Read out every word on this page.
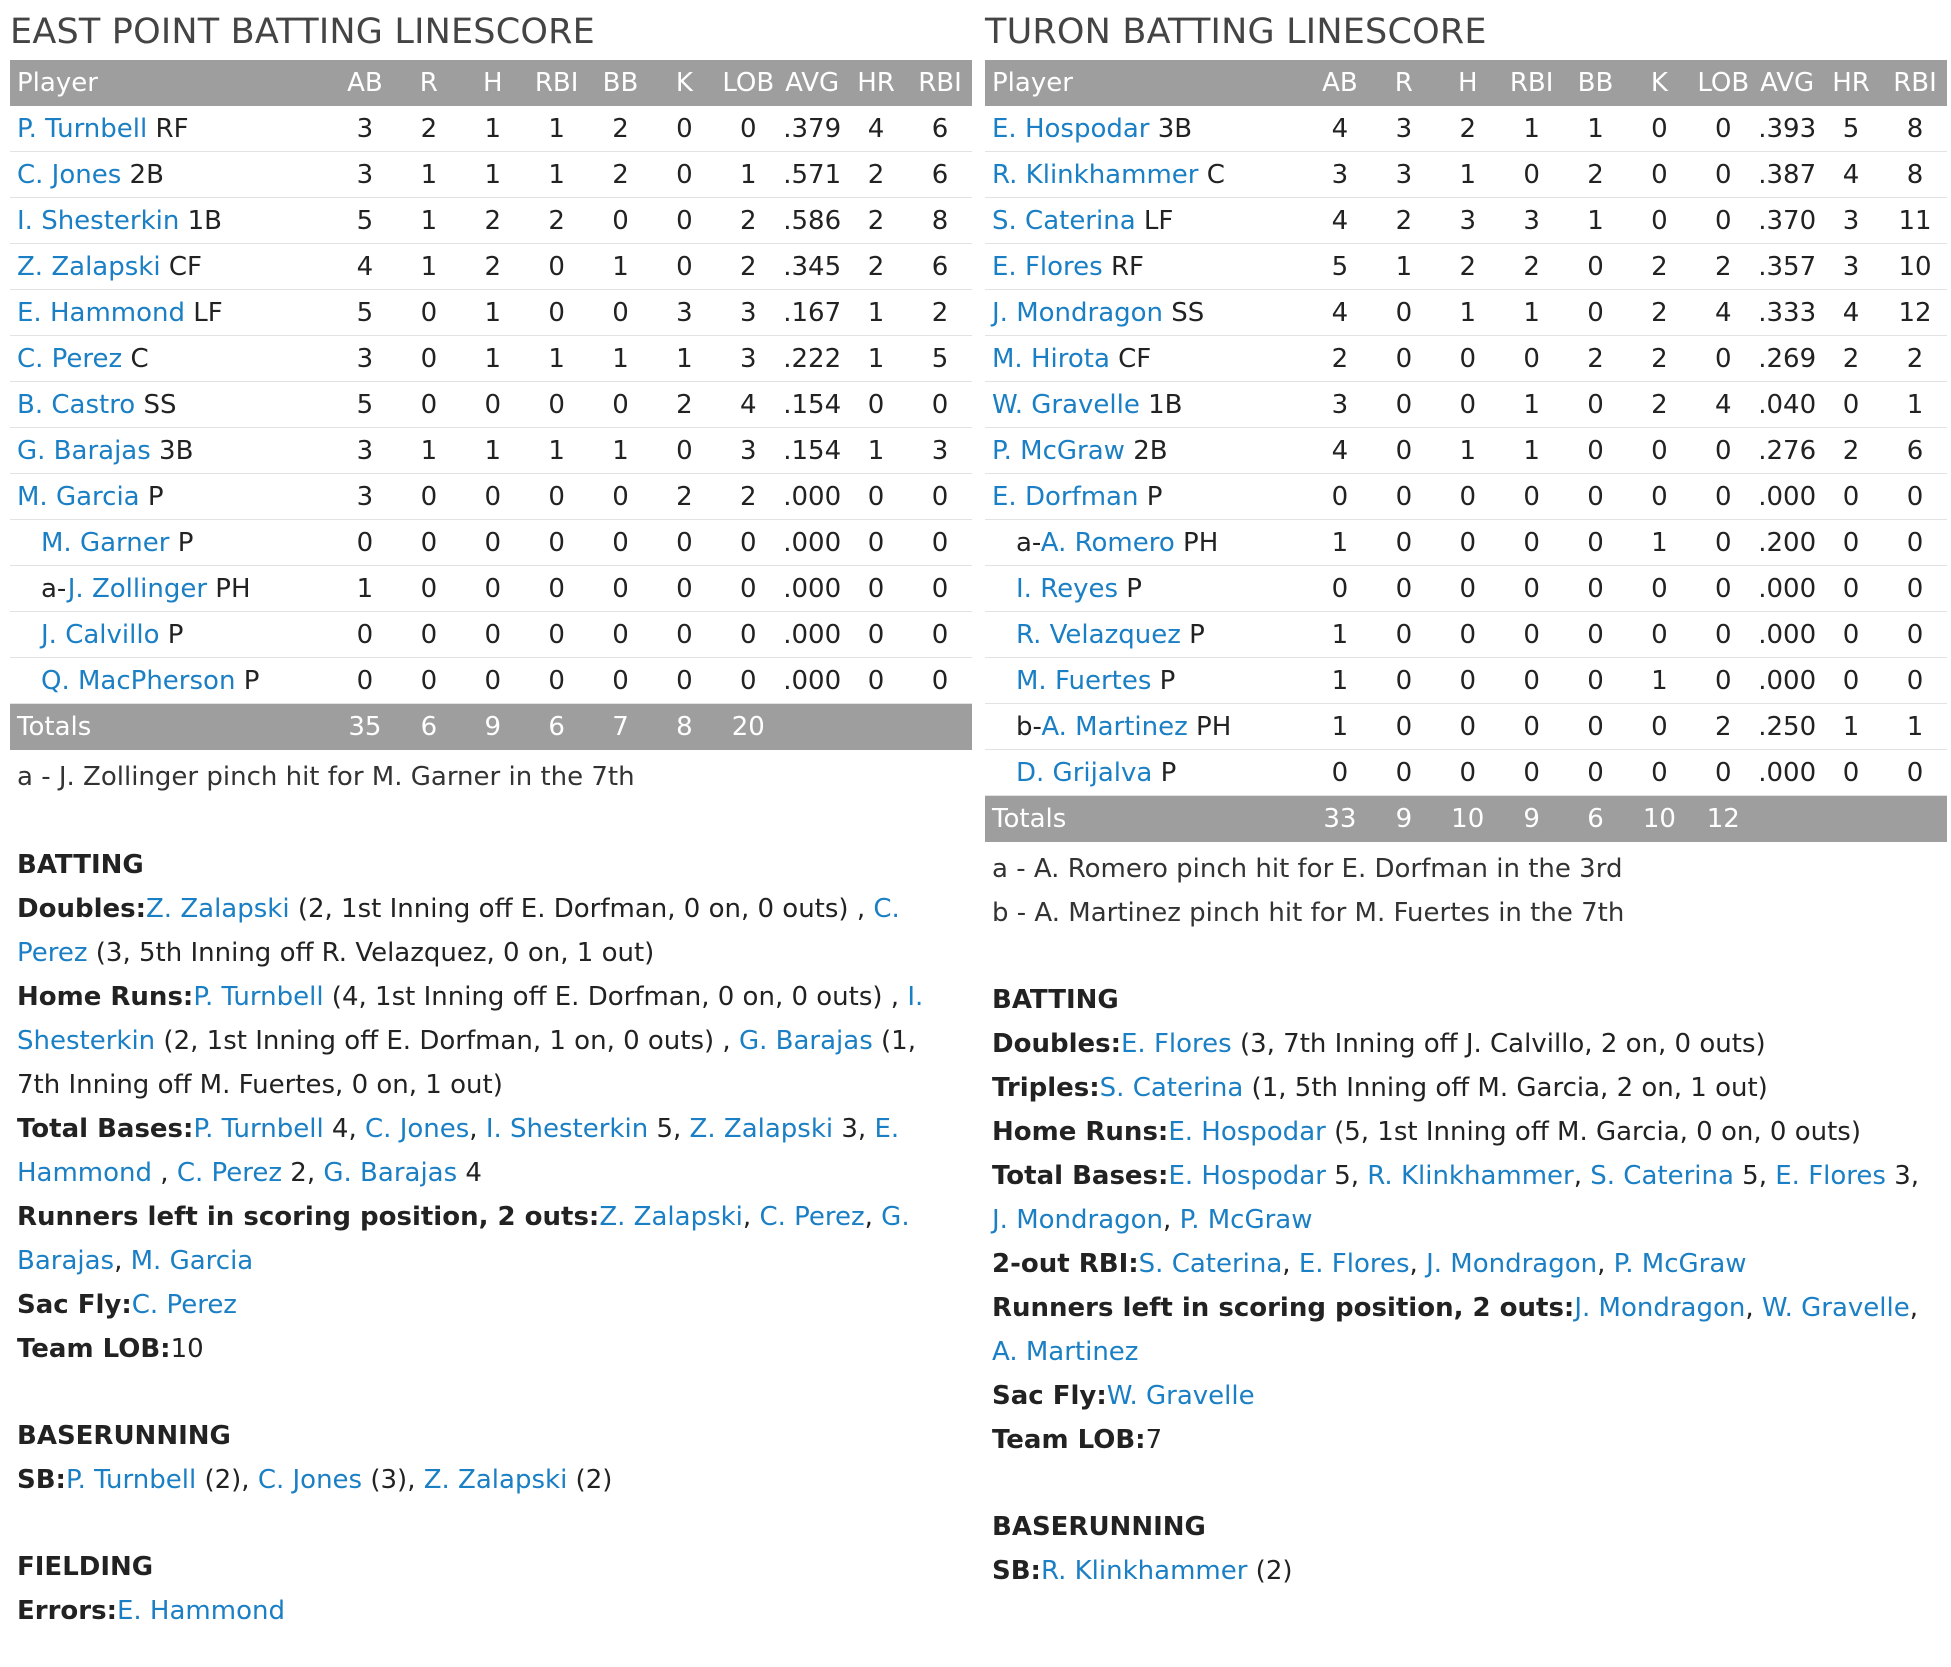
EAST POINT BATTING LINESCORE
Player	AB	R	H	RBI	BB	K	LOB	AVG	HR	RBI
P. Turnbell RF	3	2	1	1	2	0	0	.379	4	6
C. Jones 2B	3	1	1	1	2	0	1	.571	2	6
I. Shesterkin 1B	5	1	2	2	0	0	2	.586	2	8
Z. Zalapski CF	4	1	2	0	1	0	2	.345	2	6
E. Hammond LF	5	0	1	0	0	3	3	.167	1	2
C. Perez C	3	0	1	1	1	1	3	.222	1	5
B. Castro SS	5	0	0	0	0	2	4	.154	0	0
G. Barajas 3B	3	1	1	1	1	0	3	.154	1	3
M. Garcia P	3	0	0	0	0	2	2	.000	0	0
M. Garner P	0	0	0	0	0	0	0	.000	0	0
a-J. Zollinger PH	1	0	0	0	0	0	0	.000	0	0
J. Calvillo P	0	0	0	0	0	0	0	.000	0	0
Q. MacPherson P	0	0	0	0	0	0	0	.000	0	0
Totals	35	6	9	6	7	8	20			
a - J. Zollinger pinch hit for M. Garner in the 7th
BATTING
Doubles:Z. Zalapski (2, 1st Inning off E. Dorfman, 0 on, 0 outs) , C. Perez (3, 5th Inning off R. Velazquez, 0 on, 1 out)
Home Runs:P. Turnbell (4, 1st Inning off E. Dorfman, 0 on, 0 outs) , I. Shesterkin (2, 1st Inning off E. Dorfman, 1 on, 0 outs) , G. Barajas (1, 7th Inning off M. Fuertes, 0 on, 1 out)
Total Bases:P. Turnbell 4, C. Jones, I. Shesterkin 5, Z. Zalapski 3, E. Hammond , C. Perez 2, G. Barajas 4
Runners left in scoring position, 2 outs:Z. Zalapski, C. Perez, G. Barajas, M. Garcia
Sac Fly:C. Perez
Team LOB:10
BASERUNNING
SB:P. Turnbell (2), C. Jones (3), Z. Zalapski (2)
FIELDING
Errors:E. Hammond
TURON BATTING LINESCORE
Player	AB	R	H	RBI	BB	K	LOB	AVG	HR	RBI
E. Hospodar 3B	4	3	2	1	1	0	0	.393	5	8
R. Klinkhammer C	3	3	1	0	2	0	0	.387	4	8
S. Caterina LF	4	2	3	3	1	0	0	.370	3	11
E. Flores RF	5	1	2	2	0	2	2	.357	3	10
J. Mondragon SS	4	0	1	1	0	2	4	.333	4	12
M. Hirota CF	2	0	0	0	2	2	0	.269	2	2
W. Gravelle 1B	3	0	0	1	0	2	4	.040	0	1
P. McGraw 2B	4	0	1	1	0	0	0	.276	2	6
E. Dorfman P	0	0	0	0	0	0	0	.000	0	0
a-A. Romero PH	1	0	0	0	0	1	0	.200	0	0
I. Reyes P	0	0	0	0	0	0	0	.000	0	0
R. Velazquez P	1	0	0	0	0	0	0	.000	0	0
M. Fuertes P	1	0	0	0	0	1	0	.000	0	0
b-A. Martinez PH	1	0	0	0	0	0	2	.250	1	1
D. Grijalva P	0	0	0	0	0	0	0	.000	0	0
Totals	33	9	10	9	6	10	12			
a - A. Romero pinch hit for E. Dorfman in the 3rd
b - A. Martinez pinch hit for M. Fuertes in the 7th
BATTING
Doubles:E. Flores (3, 7th Inning off J. Calvillo, 2 on, 0 outs)
Triples:S. Caterina (1, 5th Inning off M. Garcia, 2 on, 1 out)
Home Runs:E. Hospodar (5, 1st Inning off M. Garcia, 0 on, 0 outs)
Total Bases:E. Hospodar 5, R. Klinkhammer, S. Caterina 5, E. Flores 3, J. Mondragon, P. McGraw
2-out RBI:S. Caterina, E. Flores, J. Mondragon, P. McGraw
Runners left in scoring position, 2 outs:J. Mondragon, W. Gravelle, A. Martinez
Sac Fly:W. Gravelle
Team LOB:7
BASERUNNING
SB:R. Klinkhammer (2)
